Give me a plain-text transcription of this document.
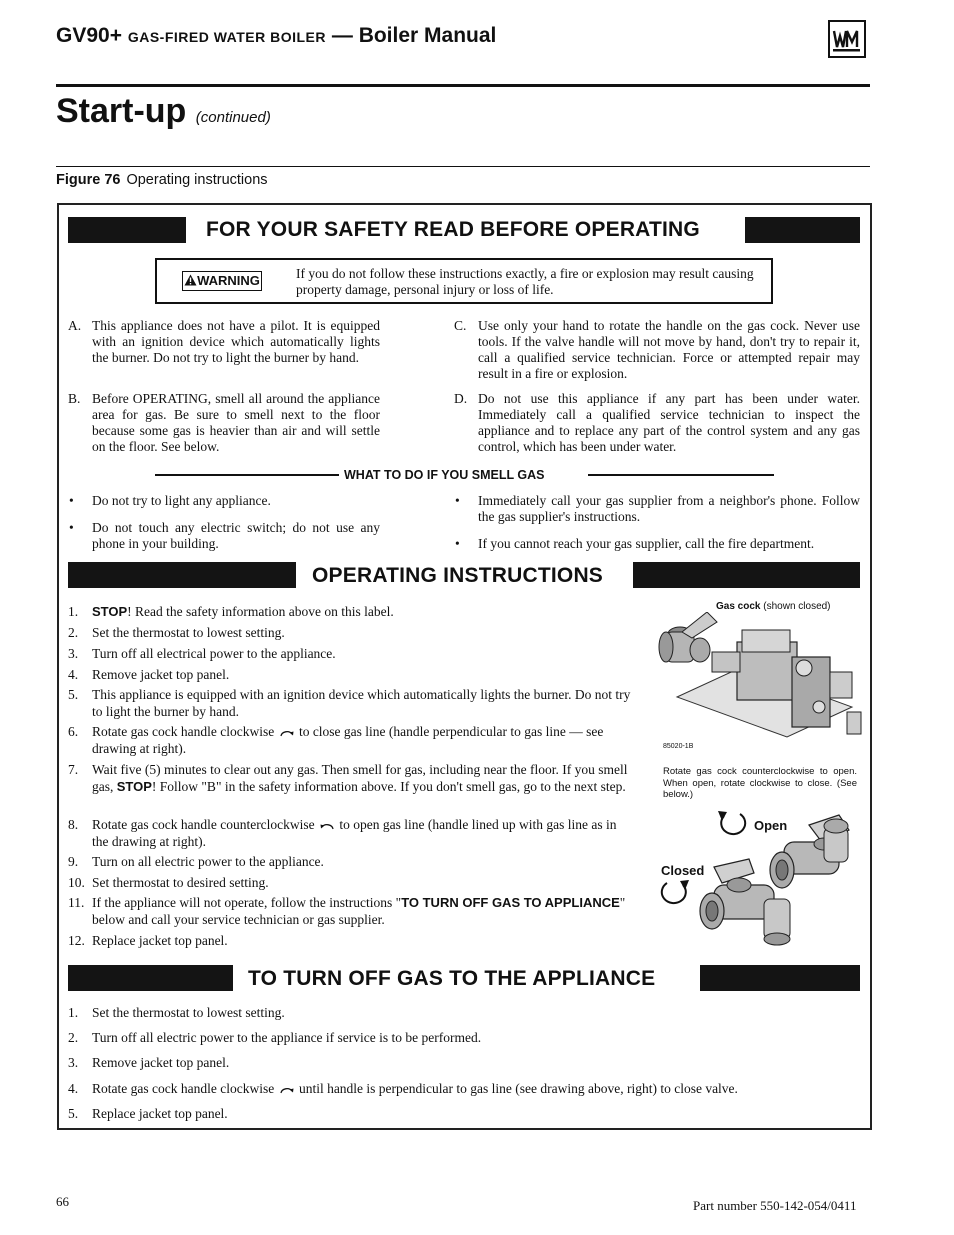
GV90+ GAS-FIRED WATER BOILER — Boiler Manual
Start-up (continued)
Figure 76 Operating instructions
FOR YOUR SAFETY READ BEFORE OPERATING
WARNING	If you do not follow these instructions exactly, a fire or explosion may result causing property damage, personal injury or loss of life.
A. This appliance does not have a pilot. It is equipped with an ignition device which automatically lights the burner. Do not try to light the burner by hand.
B. Before OPERATING, smell all around the appliance area for gas. Be sure to smell next to the floor because some gas is heavier than air and will settle on the floor. See below.
C. Use only your hand to rotate the handle on the gas cock. Never use tools. If the valve handle will not move by hand, don't try to repair it, call a qualified service technician. Force or attempted repair may result in a fire or explosion.
D. Do not use this appliance if any part has been under water. Immediately call a qualified service technician to inspect the appliance and to replace any part of the control system and any gas control, which has been under water.
WHAT TO DO IF YOU SMELL GAS
• Do not try to light any appliance.
• Do not touch any electric switch; do not use any phone in your building.
• Immediately call your gas supplier from a neighbor's phone. Follow the gas supplier's instructions.
• If you cannot reach your gas supplier, call the fire department.
OPERATING INSTRUCTIONS
1. STOP! Read the safety information above on this label.
2. Set the thermostat to lowest setting.
3. Turn off all electrical power to the appliance.
4. Remove jacket top panel.
5. This appliance is equipped with an ignition device which automatically lights the burner. Do not try to light the burner by hand.
6. Rotate gas cock handle clockwise to close gas line (handle perpendicular to gas line — see drawing at right).
7. Wait five (5) minutes to clear out any gas. Then smell for gas, including near the floor. If you smell gas, STOP! Follow "B" in the safety information above. If you don't smell gas, go to the next step.
8. Rotate gas cock handle counterclockwise to open gas line (handle lined up with gas line as in the drawing at right).
9. Turn on all electric power to the appliance.
10. Set thermostat to desired setting.
11. If the appliance will not operate, follow the instructions "TO TURN OFF GAS TO APPLIANCE" below and call your service technician or gas supplier.
12. Replace jacket top panel.
Gas cock (shown closed)
85020-1B
Rotate gas cock counterclockwise to open. When open, rotate clockwise to close. (See below.)
Open
Closed
TO TURN OFF GAS TO THE APPLIANCE
1. Set the thermostat to lowest setting.
2. Turn off all electric power to the appliance if service is to be performed.
3. Remove jacket top panel.
4. Rotate gas cock handle clockwise until handle is perpendicular to gas line (see drawing above, right) to close valve.
5. Replace jacket top panel.
66	Part number 550-142-054/0411
